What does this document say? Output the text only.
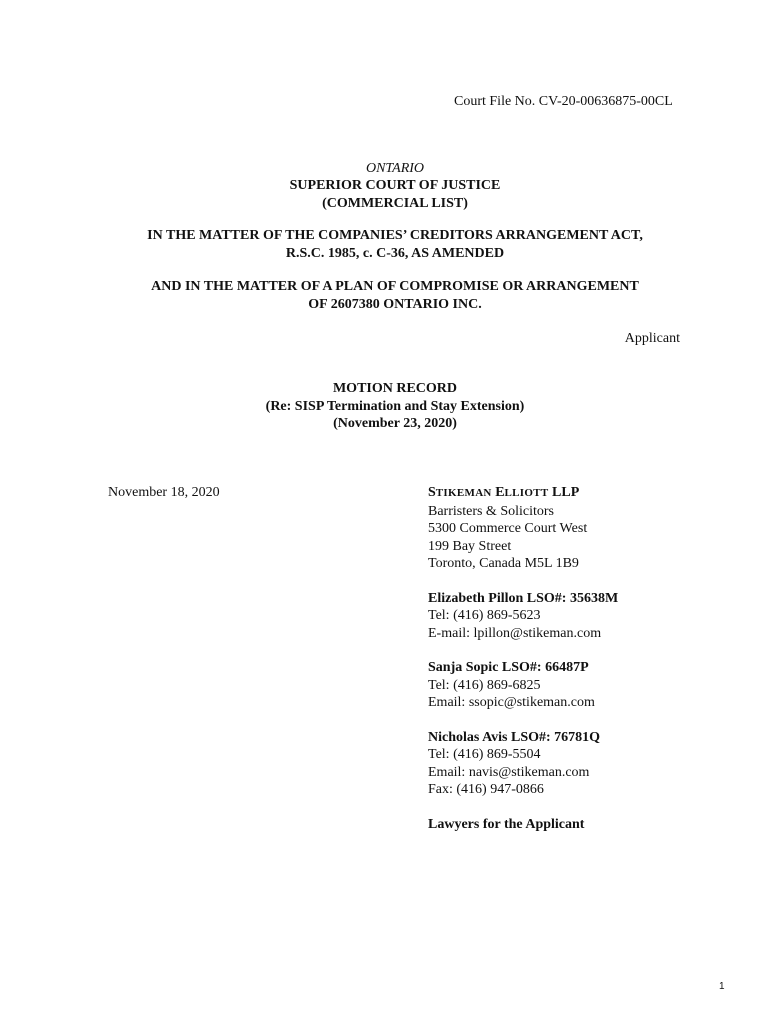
Court File No. CV-20-00636875-00CL
ONTARIO
SUPERIOR COURT OF JUSTICE
(COMMERCIAL LIST)
IN THE MATTER OF THE COMPANIES’ CREDITORS ARRANGEMENT ACT,
R.S.C. 1985, c. C-36, AS AMENDED
AND IN THE MATTER OF A PLAN OF COMPROMISE OR ARRANGEMENT
OF 2607380 ONTARIO INC.
Applicant
MOTION RECORD
(Re: SISP Termination and Stay Extension)
(November 23, 2020)
November 18, 2020	STIKEMAN ELLIOTT LLP
Barristers & Solicitors
5300 Commerce Court West
199 Bay Street
Toronto, Canada M5L 1B9
Elizabeth Pillon LSO#: 35638M
Tel: (416) 869-5623
E-mail: lpillon@stikeman.com
Sanja Sopic LSO#: 66487P
Tel: (416) 869-6825
Email: ssopic@stikeman.com
Nicholas Avis LSO#: 76781Q
Tel: (416) 869-5504
Email: navis@stikeman.com
Fax: (416) 947-0866
Lawyers for the Applicant
1
